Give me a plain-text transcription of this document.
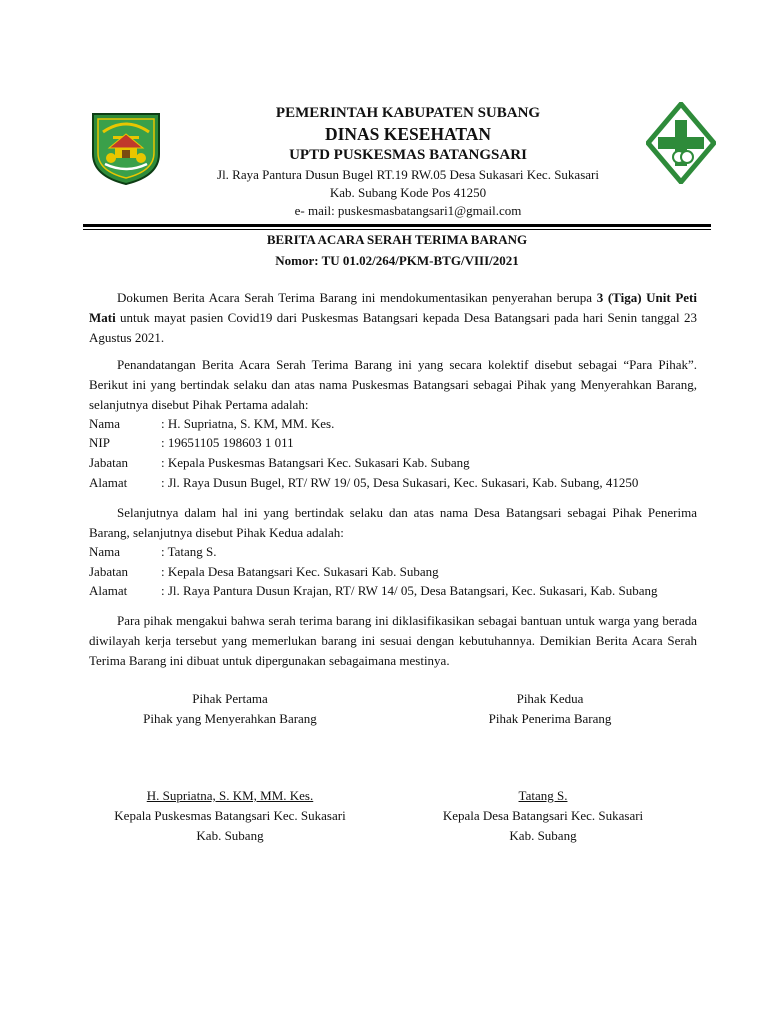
PEMERINTAH KABUPATEN SUBANG
DINAS KESEHATAN
UPTD PUSKESMAS BATANGSARI
Jl. Raya Pantura Dusun Bugel RT.19 RW.05 Desa Sukasari Kec. Sukasari
Kab. Subang Kode Pos 41250
e- mail: puskesmasbatangsari1@gmail.com
BERITA ACARA SERAH TERIMA BARANG
Nomor: TU 01.02/264/PKM-BTG/VIII/2021

Dokumen Berita Acara Serah Terima Barang ini mendokumentasikan penyerahan berupa 3 (Tiga) Unit Peti Mati untuk mayat pasien Covid19 dari Puskesmas Batangsari kepada Desa Batangsari pada hari Senin tanggal 23 Agustus 2021.

Penandatangan Berita Acara Serah Terima Barang ini yang secara kolektif disebut sebagai “Para Pihak”. Berikut ini yang bertindak selaku dan atas nama Puskesmas Batangsari sebagai Pihak yang Menyerahkan Barang, selanjutnya disebut Pihak Pertama adalah:

Nama	: H. Supriatna, S. KM, MM. Kes.
NIP	: 19651105 198603 1 011
Jabatan	: Kepala Puskesmas Batangsari Kec. Sukasari Kab. Subang
Alamat	: Jl. Raya Dusun Bugel, RT/ RW 19/ 05, Desa Sukasari, Kec. Sukasari, Kab. Subang, 41250

Selanjutnya dalam hal ini yang bertindak selaku dan atas nama Desa Batangsari sebagai Pihak Penerima Barang, selanjutnya disebut Pihak Kedua adalah:

Nama	: Tatang S.
Jabatan	: Kepala Desa Batangsari Kec. Sukasari Kab. Subang
Alamat	: Jl. Raya Pantura Dusun Krajan, RT/ RW 14/ 05, Desa Batangsari, Kec. Sukasari, Kab. Subang

Para pihak mengakui bahwa serah terima barang ini diklasifikasikan sebagai bantuan untuk warga yang berada diwilayah kerja tersebut yang memerlukan barang ini sesuai dengan kebutuhannya. Demikian Berita Acara Serah Terima Barang ini dibuat untuk dipergunakan sebagaimana mestinya.

Pihak Pertama
Pihak yang Menyerahkan Barang
H. Supriatna, S. KM, MM. Kes.
Kepala Puskesmas Batangsari Kec. Sukasari
Kab. Subang
Pihak Kedua
Pihak Penerima Barang
Tatang S.
Kepala Desa Batangsari Kec. Sukasari
Kab. Subang
